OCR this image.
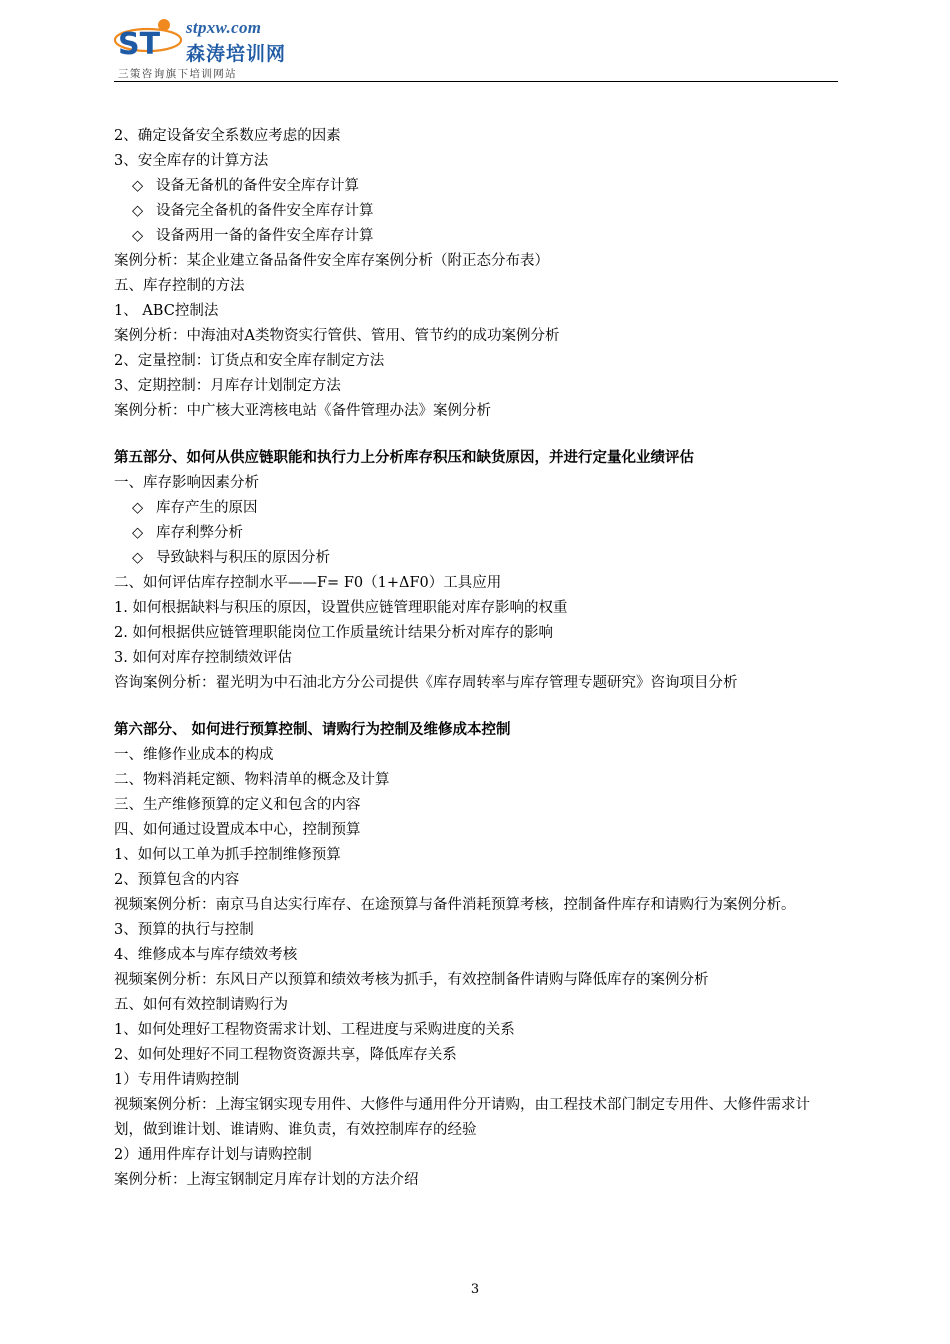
ST stpxw.com
森涛培训网
三策咨询旗下培训网站
2、确定设备安全系数应考虑的因素
3、安全库存的计算方法
◇ 设备无备机的备件安全库存计算
◇ 设备完全备机的备件安全库存计算
◇ 设备两用一备的备件安全库存计算
案例分析：某企业建立备品备件安全库存案例分析（附正态分布表）
五、库存控制的方法
1、 ABC控制法
案例分析：中海油对A类物资实行管供、管用、管节约的成功案例分析
2、定量控制：订货点和安全库存制定方法
3、定期控制：月库存计划制定方法
案例分析：中广核大亚湾核电站《备件管理办法》案例分析
第五部分、如何从供应链职能和执行力上分析库存积压和缺货原因，并进行定量化业绩评估
一、库存影响因素分析
◇ 库存产生的原因
◇ 库存利弊分析
◇ 导致缺料与积压的原因分析
二、如何评估库存控制水平——F= F0（1+ΔF0）工具应用
1. 如何根据缺料与积压的原因，设置供应链管理职能对库存影响的权重
2. 如何根据供应链管理职能岗位工作质量统计结果分析对库存的影响
3. 如何对库存控制绩效评估
咨询案例分析：翟光明为中石油北方分公司提供《库存周转率与库存管理专题研究》咨询项目分析
第六部分、 如何进行预算控制、请购行为控制及维修成本控制
一、维修作业成本的构成
二、物料消耗定额、物料清单的概念及计算
三、生产维修预算的定义和包含的内容
四、如何通过设置成本中心，控制预算
1、如何以工单为抓手控制维修预算
2、预算包含的内容
视频案例分析：南京马自达实行库存、在途预算与备件消耗预算考核，控制备件库存和请购行为案例分析。
3、预算的执行与控制
4、维修成本与库存绩效考核
视频案例分析：东风日产以预算和绩效考核为抓手，有效控制备件请购与降低库存的案例分析
五、如何有效控制请购行为
1、如何处理好工程物资需求计划、工程进度与采购进度的关系
2、如何处理好不同工程物资资源共享，降低库存关系
1）专用件请购控制
视频案例分析：上海宝钢实现专用件、大修件与通用件分开请购，由工程技术部门制定专用件、大修件需求计划，做到谁计划、谁请购、谁负责，有效控制库存的经验
2）通用件库存计划与请购控制
案例分析：上海宝钢制定月库存计划的方法介绍
3
